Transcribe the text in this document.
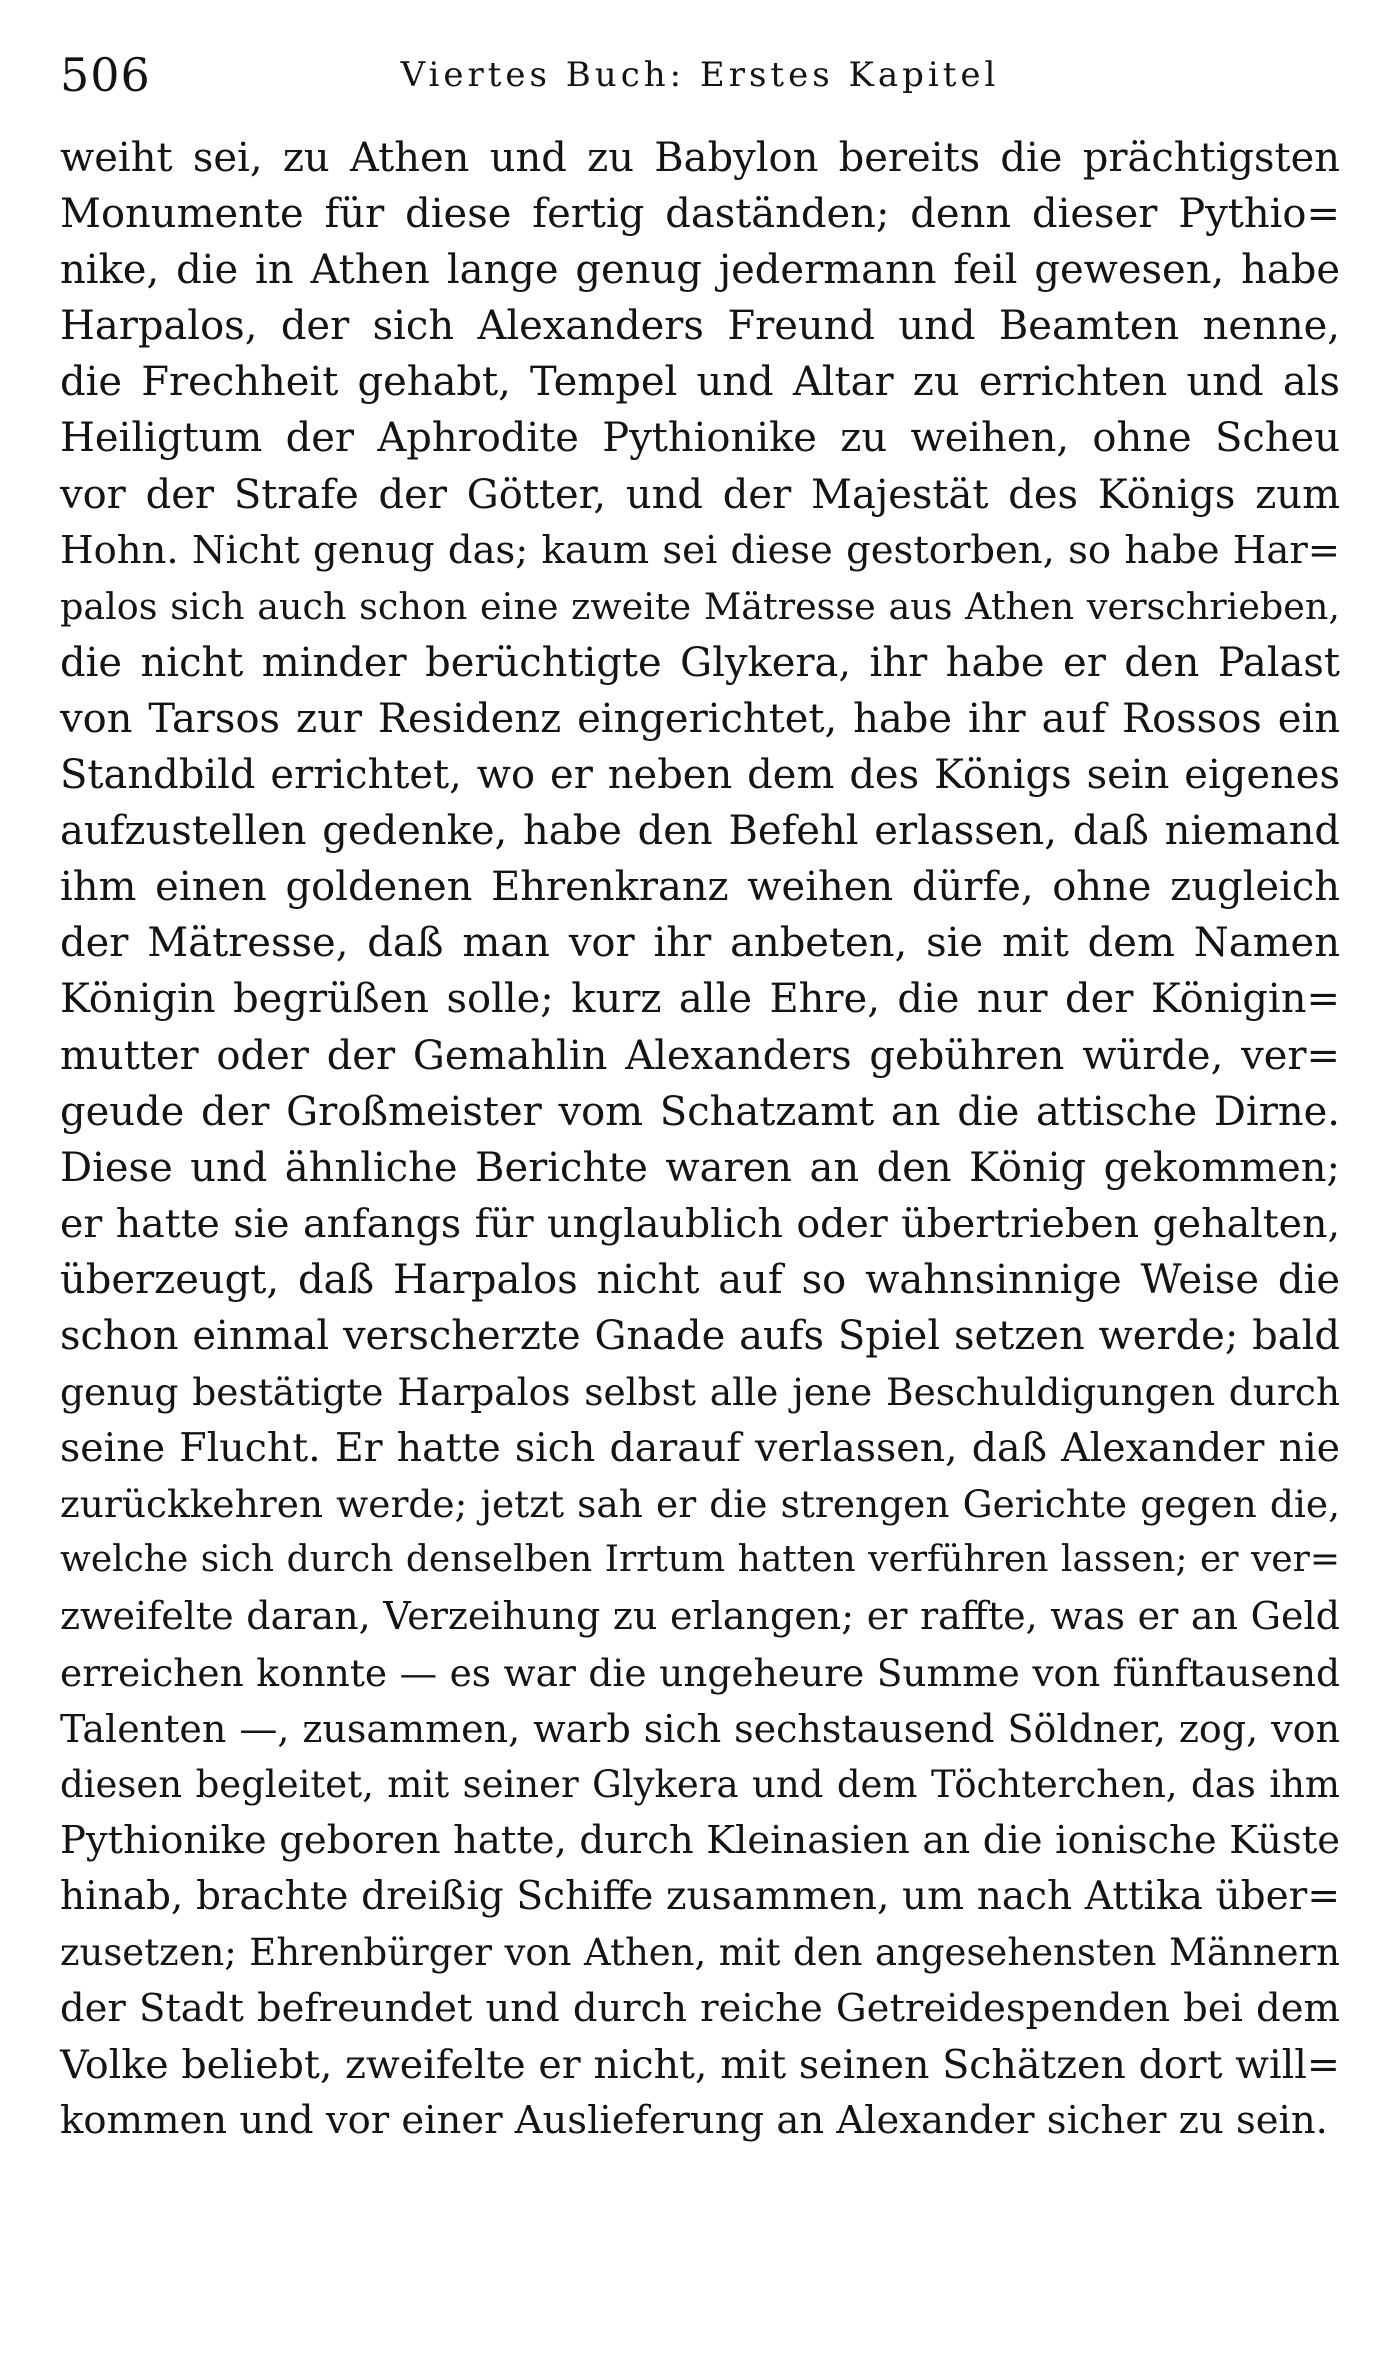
506	Viertes Buch: Erstes Kapitel
weiht sei, zu Athen und zu Babylon bereits die prächtigsten
Monumente für diese fertig daständen; denn dieser Pythio=
nike, die in Athen lange genug jedermann feil gewesen, habe
Harpalos, der sich Alexanders Freund und Beamten nenne,
die Frechheit gehabt, Tempel und Altar zu errichten und als
Heiligtum der Aphrodite Pythionike zu weihen, ohne Scheu
vor der Strafe der Götter, und der Majestät des Königs zum
Hohn. Nicht genug das; kaum sei diese gestorben, so habe Har=
palos sich auch schon eine zweite Mätresse aus Athen verschrieben,
die nicht minder berüchtigte Glykera, ihr habe er den Palast
von Tarsos zur Residenz eingerichtet, habe ihr auf Rossos ein
Standbild errichtet, wo er neben dem des Königs sein eigenes
aufzustellen gedenke, habe den Befehl erlassen, daß niemand
ihm einen goldenen Ehrenkranz weihen dürfe, ohne zugleich
der Mätresse, daß man vor ihr anbeten, sie mit dem Namen
Königin begrüßen solle; kurz alle Ehre, die nur der Königin=
mutter oder der Gemahlin Alexanders gebühren würde, ver=
geude der Großmeister vom Schatzamt an die attische Dirne.
Diese und ähnliche Berichte waren an den König gekommen;
er hatte sie anfangs für unglaublich oder übertrieben gehalten,
überzeugt, daß Harpalos nicht auf so wahnsinnige Weise die
schon einmal verscherzte Gnade aufs Spiel setzen werde; bald
genug bestätigte Harpalos selbst alle jene Beschuldigungen durch
seine Flucht. Er hatte sich darauf verlassen, daß Alexander nie
zurückkehren werde; jetzt sah er die strengen Gerichte gegen die,
welche sich durch denselben Irrtum hatten verführen lassen; er ver=
zweifelte daran, Verzeihung zu erlangen; er raffte, was er an Geld
erreichen konnte — es war die ungeheure Summe von fünftausend
Talenten —, zusammen, warb sich sechstausend Söldner, zog, von
diesen begleitet, mit seiner Glykera und dem Töchterchen, das ihm
Pythionike geboren hatte, durch Kleinasien an die ionische Küste
hinab, brachte dreißig Schiffe zusammen, um nach Attika über=
zusetzen; Ehrenbürger von Athen, mit den angesehensten Männern
der Stadt befreundet und durch reiche Getreidespenden bei dem
Volke beliebt, zweifelte er nicht, mit seinen Schätzen dort will=
kommen und vor einer Auslieferung an Alexander sicher zu sein.
